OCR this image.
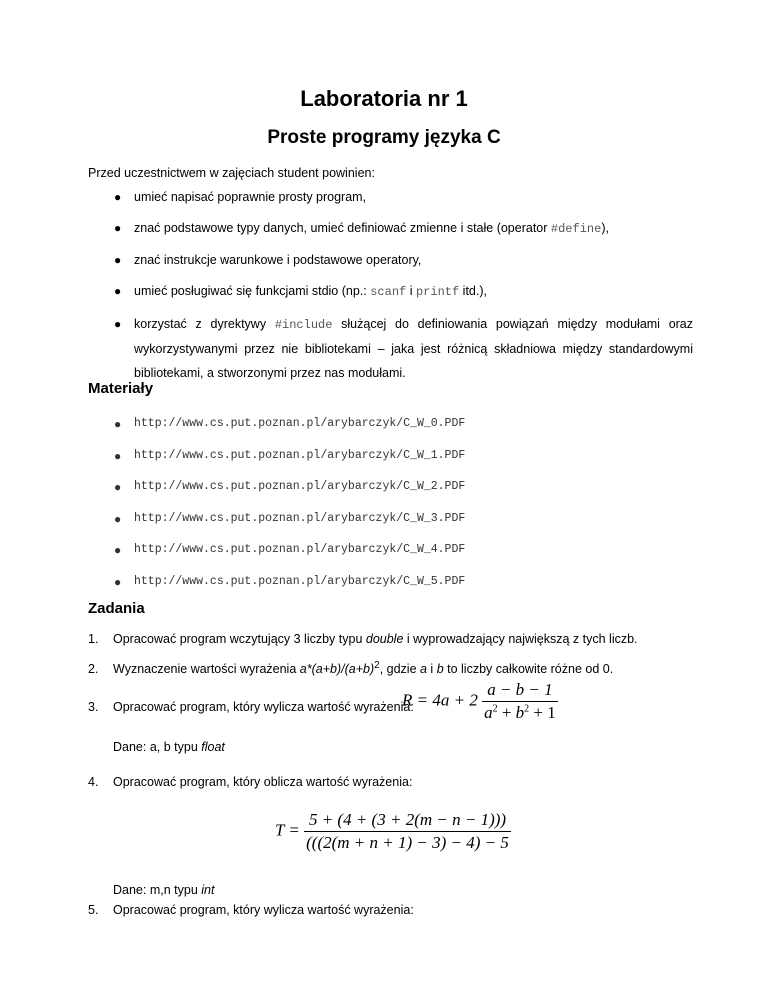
Laboratoria nr 1
Proste programy języka C
Przed uczestnictwem w zajęciach student powinien:
● umieć napisać poprawnie prosty program,
● znać podstawowe typy danych, umieć definiować zmienne i stałe (operator #define),
● znać instrukcje warunkowe i podstawowe operatory,
● umieć posługiwać się funkcjami stdio (np.: scanf i printf itd.),
● korzystać z dyrektywy #include służącej do definiowania powiązań między modułami oraz wykorzystywanymi przez nie bibliotekami – jaka jest różnicą składniowa między standardowymi bibliotekami, a stworzonymi przez nas modułami.
Materiały
● http://www.cs.put.poznan.pl/arybarczyk/C_W_0.PDF
● http://www.cs.put.poznan.pl/arybarczyk/C_W_1.PDF
● http://www.cs.put.poznan.pl/arybarczyk/C_W_2.PDF
● http://www.cs.put.poznan.pl/arybarczyk/C_W_3.PDF
● http://www.cs.put.poznan.pl/arybarczyk/C_W_4.PDF
● http://www.cs.put.poznan.pl/arybarczyk/C_W_5.PDF
Zadania
1. Opracować program wczytujący 3 liczby typu double i wyprowadzający największą z tych liczb.
2. Wyznaczenie wartości wyrażenia $a*(a+b)/(a+b)^2$, gdzie a i b to liczby całkowite różne od 0.
3. Opracować program, który wylicza wartość wyrażenia:
$R = 4a + 2 \frac{a - b - 1}{a^2 + b^2 + 1}$
Dane: a, b typu float
4. Opracować program, który oblicza wartość wyrażenia:
$T = \frac{5 + (4 + (3 + 2(m - n - 1)))}{(((2(m + n + 1) - 3) - 4) - 5}$
Dane: m,n typu int
5. Opracować program, który wylicza wartość wyrażenia:
